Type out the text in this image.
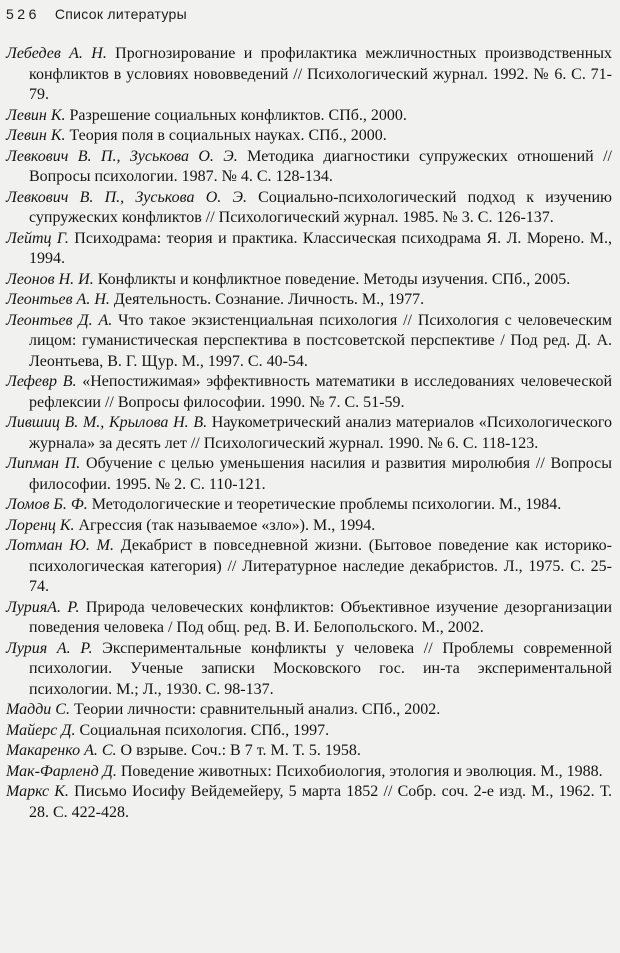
526 Список литературы

Лебедев А. Н. Прогнозирование и профилактика межличностных производственных конфликтов в условиях нововведений // Психологический журнал. 1992. № 6. С. 71-79.

Левин К. Разрешение социальных конфликтов. СПб., 2000.

Левин К. Теория поля в социальных науках. СПб., 2000.

Левкович В. П., Зуськова О. Э. Методика диагностики супружеских отношений // Вопросы психологии. 1987. № 4. С. 128-134.

Левкович В. П., Зуськова О. Э. Социально-психологический подход к изучению супружеских конфликтов // Психологический журнал. 1985. № 3. С. 126-137.

Лейтц Г. Психодрама: теория и практика. Классическая психодрама Я. Л. Морено. М., 1994.

Леонов Н. И. Конфликты и конфликтное поведение. Методы изучения. СПб., 2005.

Леонтьев А. Н. Деятельность. Сознание. Личность. М., 1977.

Леонтьев Д. А. Что такое экзистенциальная психология // Психология с человеческим лицом: гуманистическая перспектива в постсоветской перспективе / Под ред. Д. А. Леонтьева, В. Г. Щур. М., 1997. С. 40-54.

Лефевр В. «Непостижимая» эффективность математики в исследованиях человеческой рефлексии // Вопросы философии. 1990. № 7. С. 51-59.

Лившиц В. М., Крылова Н. В. Наукометрический анализ материалов «Психологического журнала» за десять лет // Психологический журнал. 1990. № 6. С. 118-123.

Липман П. Обучение с целью уменьшения насилия и развития миролюбия // Вопросы философии. 1995. № 2. С. 110-121.

Ломов Б. Ф. Методологические и теоретические проблемы психологии. М., 1984.

Лоренц К. Агрессия (так называемое «зло»). М., 1994.

Лотман Ю. М. Декабрист в повседневной жизни. (Бытовое поведение как историко-психологическая категория) // Литературное наследие декабристов. Л., 1975. С. 25-74.

ЛурияА. Р. Природа человеческих конфликтов: Объективное изучение дезорганизации поведения человека / Под общ. ред. В. И. Белопольского. М., 2002.

Лурия А. Р. Экспериментальные конфликты у человека // Проблемы современной психологии. Ученые записки Московского гос. ин-та экспериментальной психологии. М.; Л., 1930. С. 98-137.

Мадди С. Теории личности: сравнительный анализ. СПб., 2002.

Майерс Д. Социальная психология. СПб., 1997.

Макаренко А. С. О взрыве. Соч.: В 7 т. М. Т. 5. 1958.

Мак-Фарленд Д. Поведение животных: Психобиология, этология и эволюция. М., 1988.

Маркс К. Письмо Иосифу Вейдемейеру, 5 марта 1852 // Собр. соч. 2-е изд. М., 1962. Т. 28. С. 422-428.
